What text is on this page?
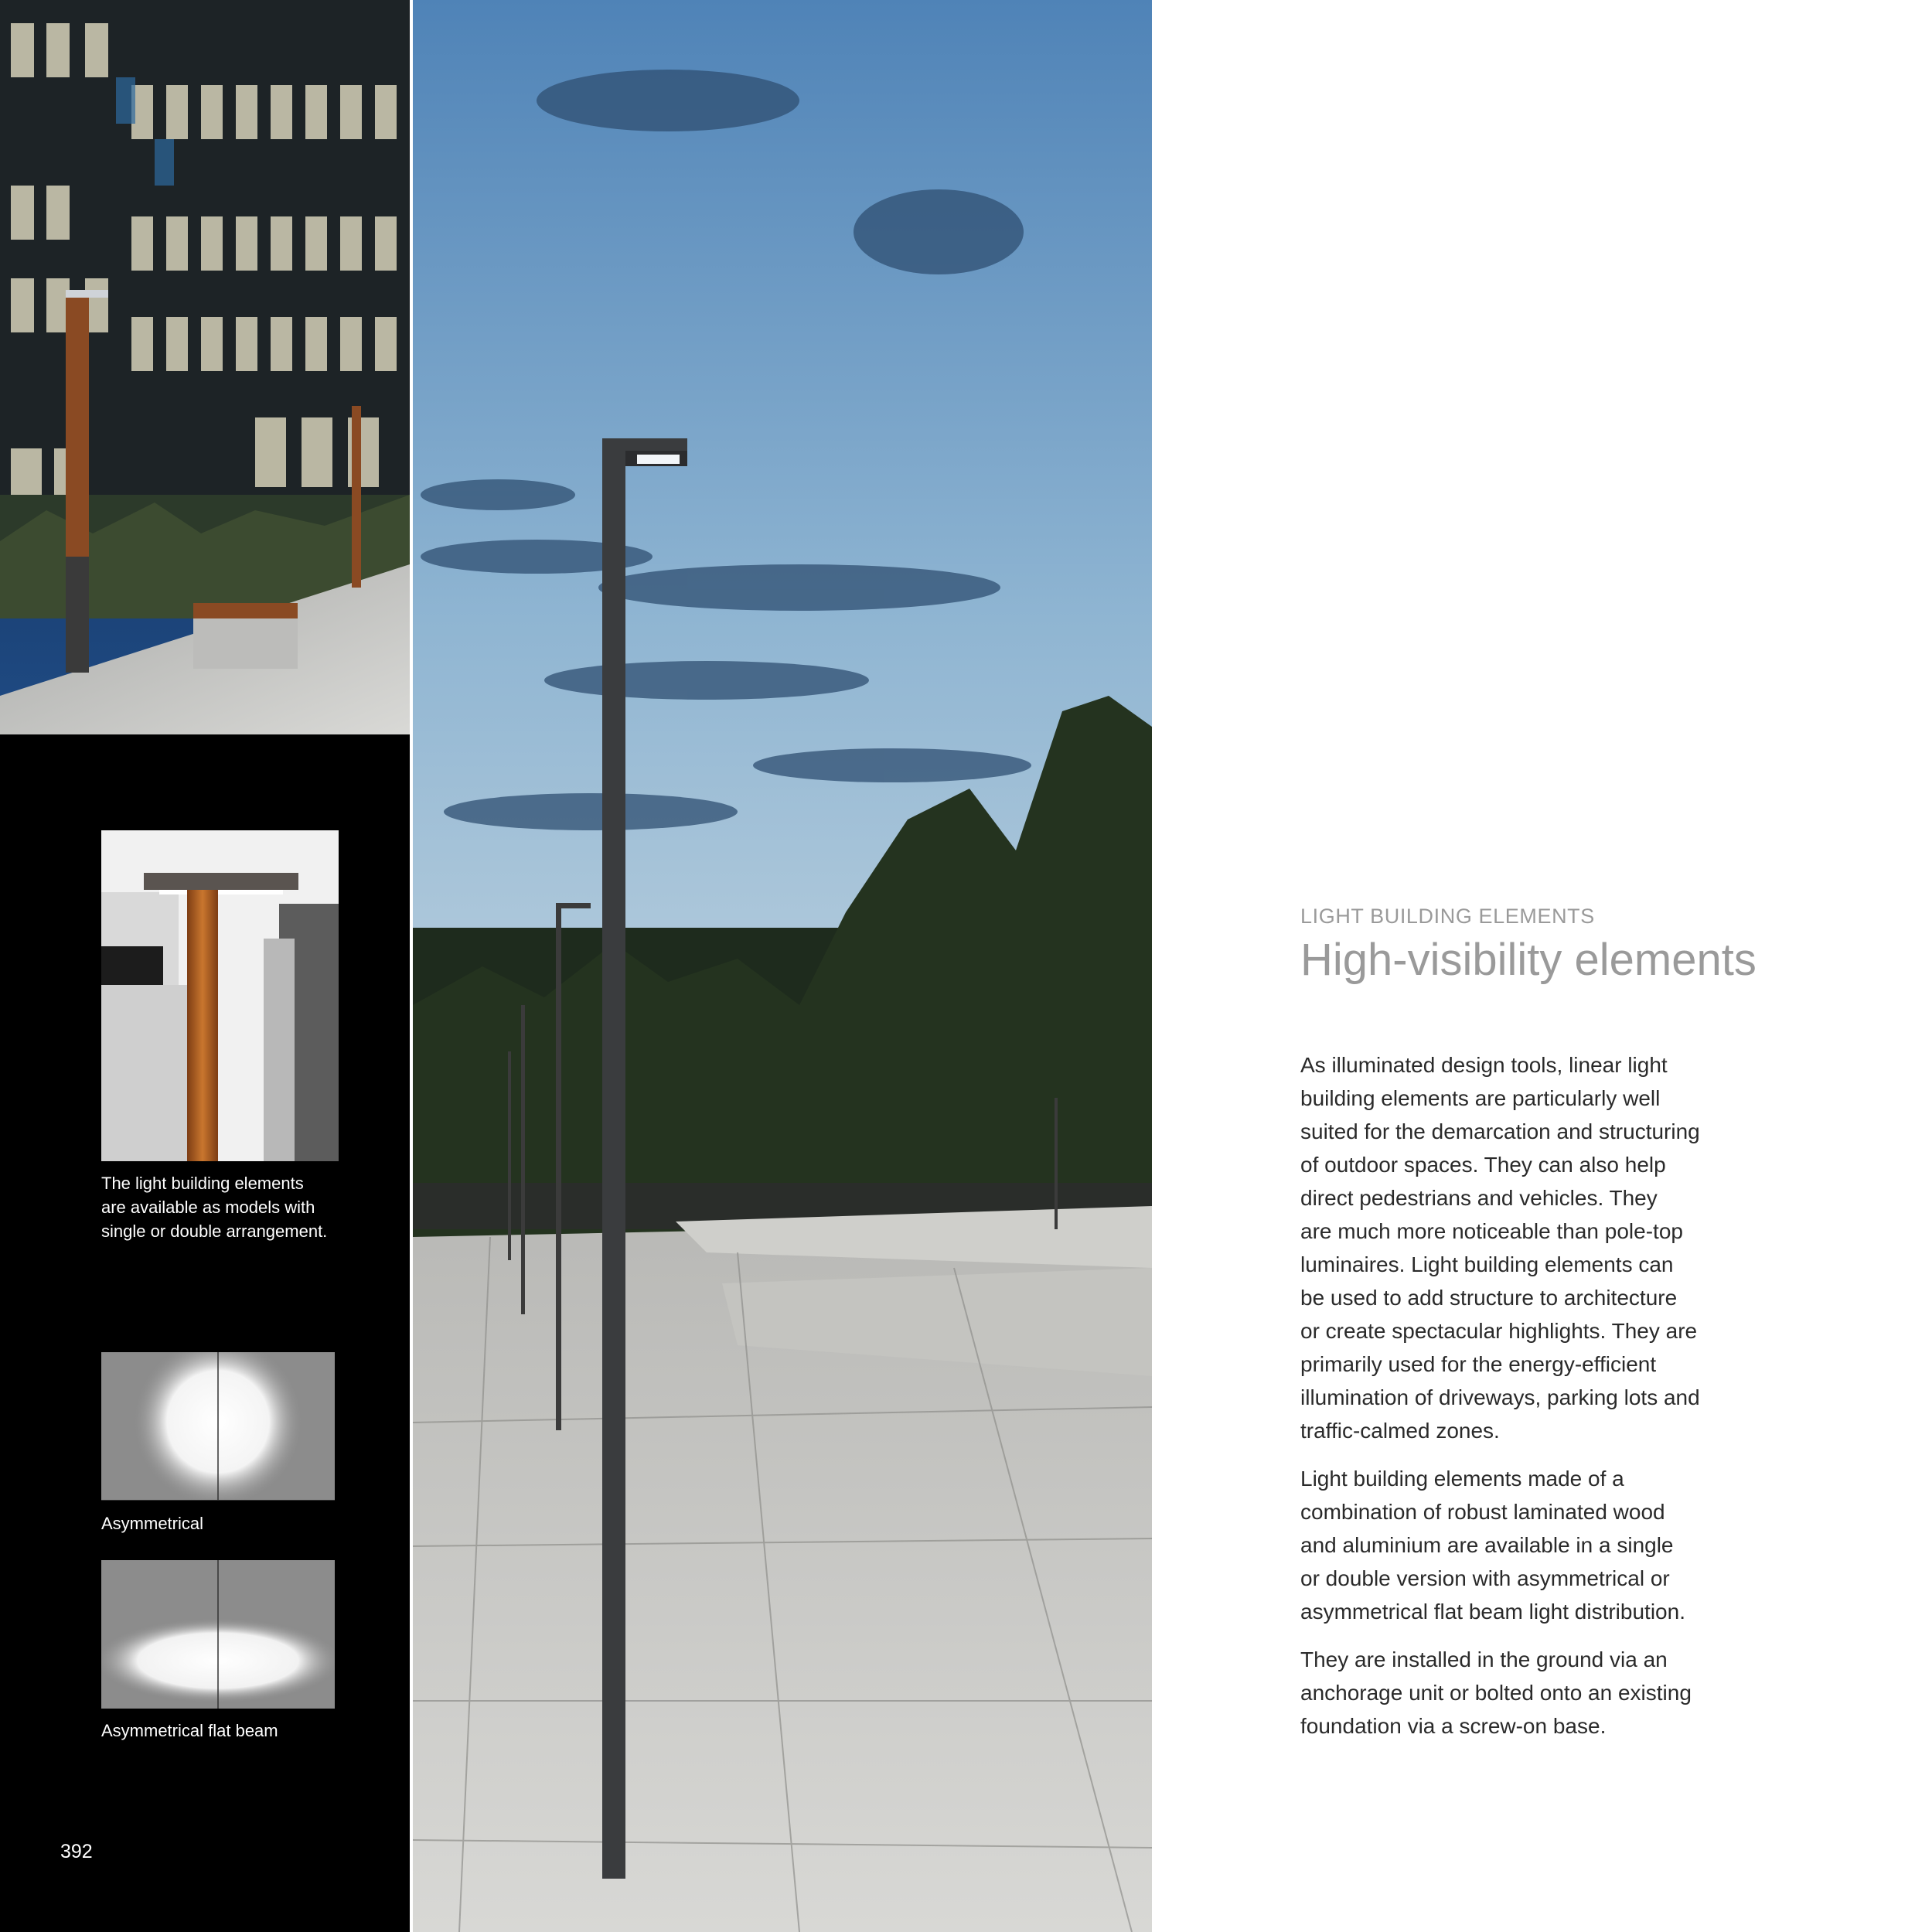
The light building elements
are available as models with
single or double arrangement.
Asymmetrical
Asymmetrical flat beam
392
LIGHT BUILDING ELEMENTS
High-visibility elements

As illuminated design tools, linear light
building elements are particularly well
suited for the demarcation and structuring
of outdoor spaces. They can also help
direct pedestrians and vehicles. They
are much more noticeable than pole-top
luminaires. Light building elements can
be used to add structure to architecture
or create spectacular highlights. They are
primarily used for the energy-efficient
illumination of driveways, parking lots and
traffic-calmed zones.

Light building elements made of a
combination of robust laminated wood
and aluminium are available in a single
or double version with asymmetrical or
asymmetrical flat beam light distribution.

They are installed in the ground via an
anchorage unit or bolted onto an existing
foundation via a screw-on base.
